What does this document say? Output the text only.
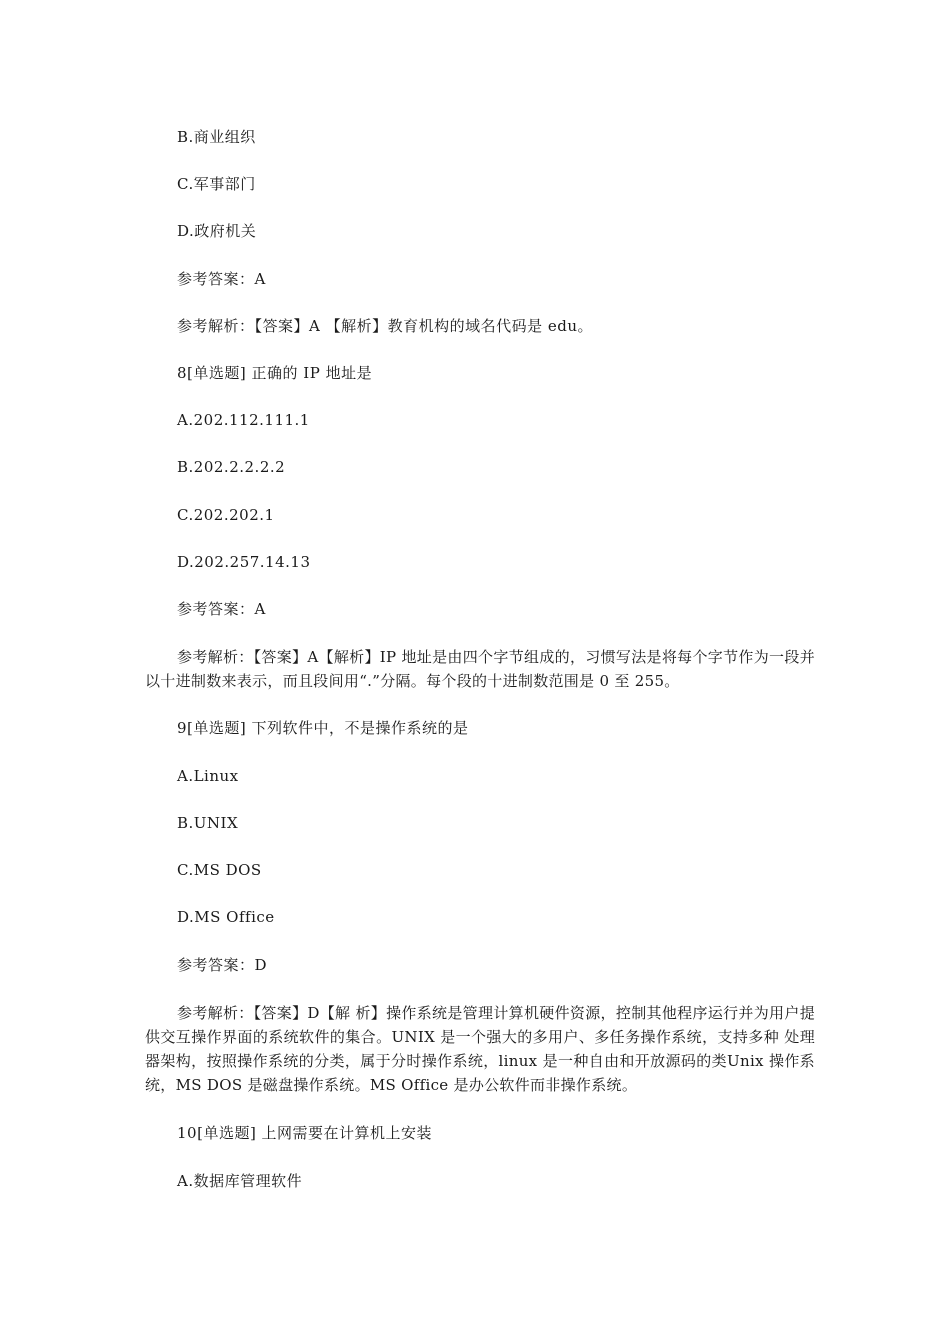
B.商业组织
C.军事部门
D.政府机关
参考答案：A
参考解析：【答案】A 【解析】教育机构的域名代码是 edu。
8[单选题] 正确的 IP 地址是
A.202.112.111.1
B.202.2.2.2.2
C.202.202.1
D.202.257.14.13
参考答案：A
参考解析：【答案】A【解析】IP 地址是由四个字节组成的，习惯写法是将每个字节作为一段并以十进制数来表示，而且段间用“.”分隔。每个段的十进制数范围是 0 至 255。
9[单选题] 下列软件中，不是操作系统的是
A.Linux
B.UNIX
C.MS DOS
D.MS Office
参考答案：D
参考解析：【答案】D【解 析】操作系统是管理计算机硬件资源，控制其他程序运行并为用户提供交互操作界面的系统软件的集合。UNIX 是一个强大的多用户、多任务操作系统，支持多种 处理器架构，按照操作系统的分类，属于分时操作系统，linux 是一种自由和开放源码的类Unix 操作系统，MS DOS 是磁盘操作系统。MS Office 是办公软件而非操作系统。
10[单选题] 上网需要在计算机上安装
A.数据库管理软件
